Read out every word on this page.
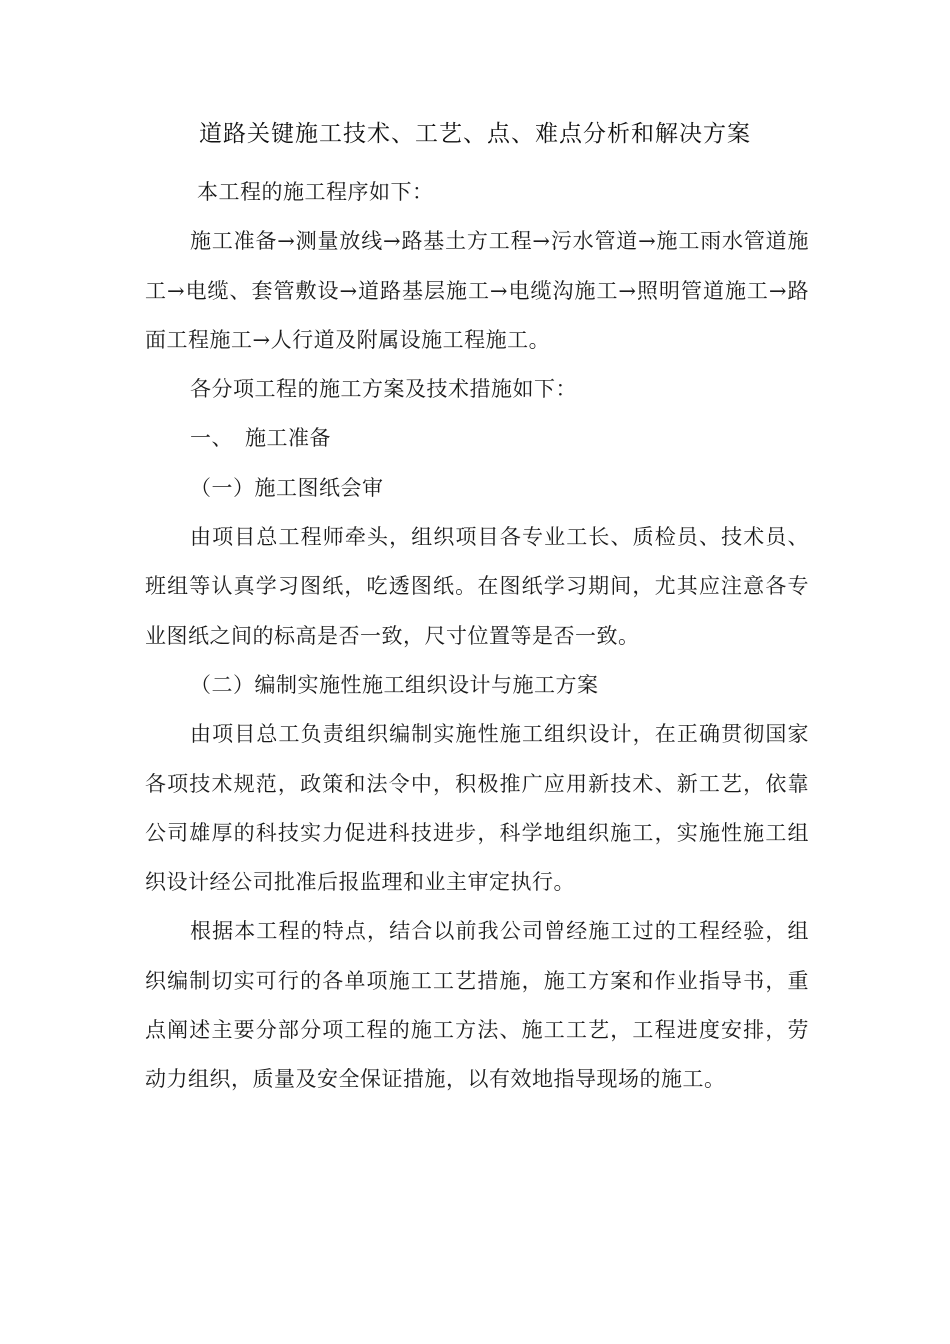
道路关键施工技术、工艺、点、难点分析和解决方案

本工程的施工程序如下：

施工准备→测量放线→路基土方工程→污水管道→施工雨水管道施工→电缆、套管敷设→道路基层施工→电缆沟施工→照明管道施工→路面工程施工→人行道及附属设施工程施工。

各分项工程的施工方案及技术措施如下：

一、 施工准备

（一）施工图纸会审

由项目总工程师牵头，组织项目各专业工长、质检员、技术员、班组等认真学习图纸，吃透图纸。在图纸学习期间，尤其应注意各专业图纸之间的标高是否一致，尺寸位置等是否一致。

（二）编制实施性施工组织设计与施工方案

由项目总工负责组织编制实施性施工组织设计，在正确贯彻国家各项技术规范，政策和法令中，积极推广应用新技术、新工艺，依靠公司雄厚的科技实力促进科技进步，科学地组织施工，实施性施工组织设计经公司批准后报监理和业主审定执行。

根据本工程的特点，结合以前我公司曾经施工过的工程经验，组织编制切实可行的各单项施工工艺措施，施工方案和作业指导书，重点阐述主要分部分项工程的施工方法、施工工艺，工程进度安排，劳动力组织，质量及安全保证措施，以有效地指导现场的施工。
